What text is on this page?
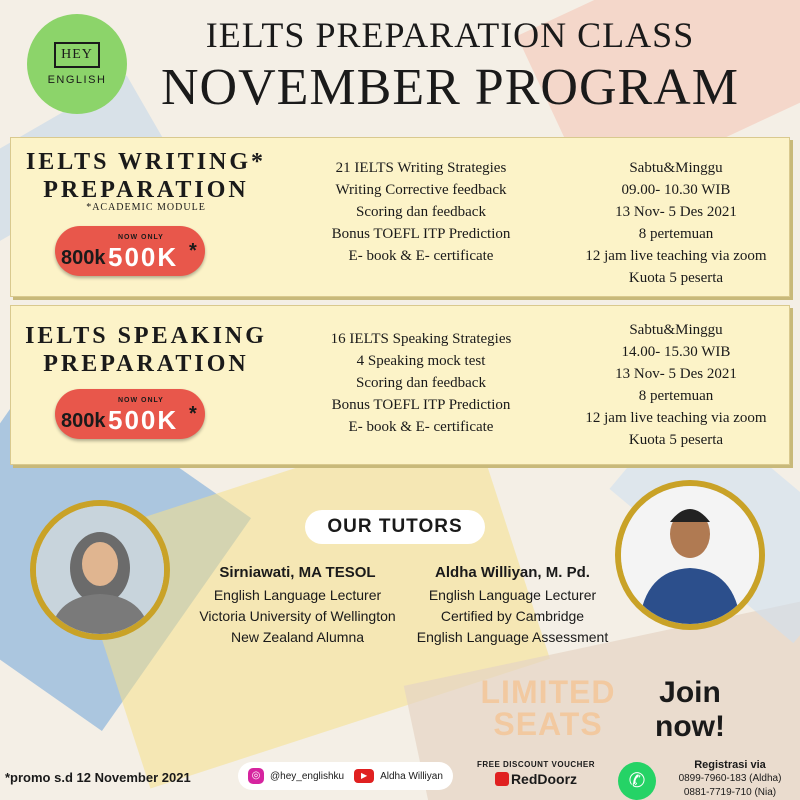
HEY
ENGLISH
IELTS PREPARATION CLASS
NOVEMBER PROGRAM
IELTS WRITING*
PREPARATION
*ACADEMIC MODULE
NOW ONLY
800k 500K *
21 IELTS Writing Strategies
Writing Corrective feedback
Scoring dan feedback
Bonus TOEFL ITP Prediction
E- book & E- certificate
Sabtu&Minggu
09.00- 10.30 WIB
13 Nov- 5 Des 2021
8 pertemuan
12 jam live teaching via zoom
Kuota 5 peserta
IELTS SPEAKING
PREPARATION
NOW ONLY
800k 500K *
16 IELTS Speaking Strategies
4 Speaking mock test
Scoring dan feedback
Bonus TOEFL ITP Prediction
E- book & E- certificate
Sabtu&Minggu
14.00- 15.30 WIB
13 Nov- 5 Des 2021
8 pertemuan
12 jam live teaching via zoom
Kuota 5 peserta
OUR TUTORS
Sirniawati, MA TESOL
English Language Lecturer
Victoria University of Wellington
New Zealand Alumna
Aldha Williyan, M. Pd.
English Language Lecturer
Certified by Cambridge
English Language Assessment
LIMITED
SEATS
Join
now!
*promo s.d 12 November 2021	◎ @hey_englishku	▶	Aldha Williyan
FREE DISCOUNT VOUCHER
RedDoorz	✆
Registrasi via
0899-7960-183 (Aldha)
0881-7719-710 (Nia)
